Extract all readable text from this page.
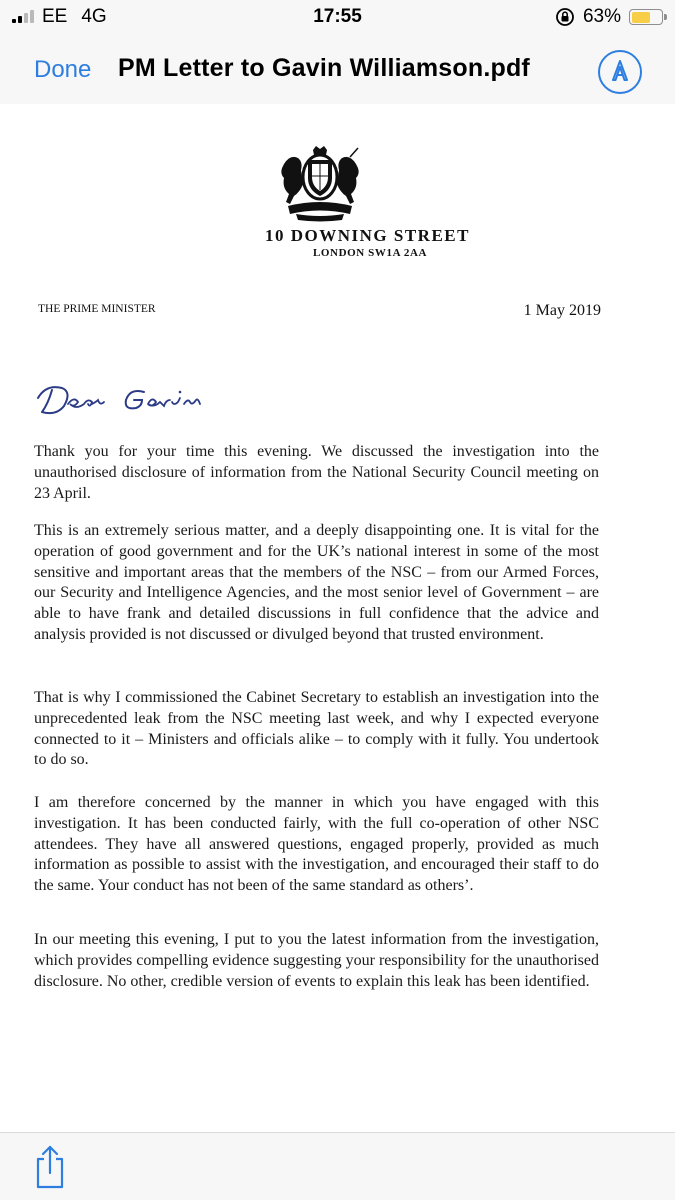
EE 4G	17:55	63%
Done PM Letter to Gavin Williamson.pdf
10 DOWNING STREET
LONDON SW1A 2AA
THE PRIME MINISTER	1 May 2019

Thank you for your time this evening. We discussed the investigation into the unauthorised disclosure of information from the National Security Council meeting on 23 April.

This is an extremely serious matter, and a deeply disappointing one. It is vital for the operation of good government and for the UK’s national interest in some of the most sensitive and important areas that the members of the NSC – from our Armed Forces, our Security and Intelligence Agencies, and the most senior level of Government – are able to have frank and detailed discussions in full confidence that the advice and analysis provided is not discussed or divulged beyond that trusted environment.

That is why I commissioned the Cabinet Secretary to establish an investigation into the unprecedented leak from the NSC meeting last week, and why I expected everyone connected to it – Ministers and officials alike – to comply with it fully. You undertook to do so.

I am therefore concerned by the manner in which you have engaged with this investigation. It has been conducted fairly, with the full co-operation of other NSC attendees. They have all answered questions, engaged properly, provided as much information as possible to assist with the investigation, and encouraged their staff to do the same. Your conduct has not been of the same standard as others’.

In our meeting this evening, I put to you the latest information from the investigation, which provides compelling evidence suggesting your responsibility for the unauthorised disclosure. No other, credible version of events to explain this leak has been identified.
